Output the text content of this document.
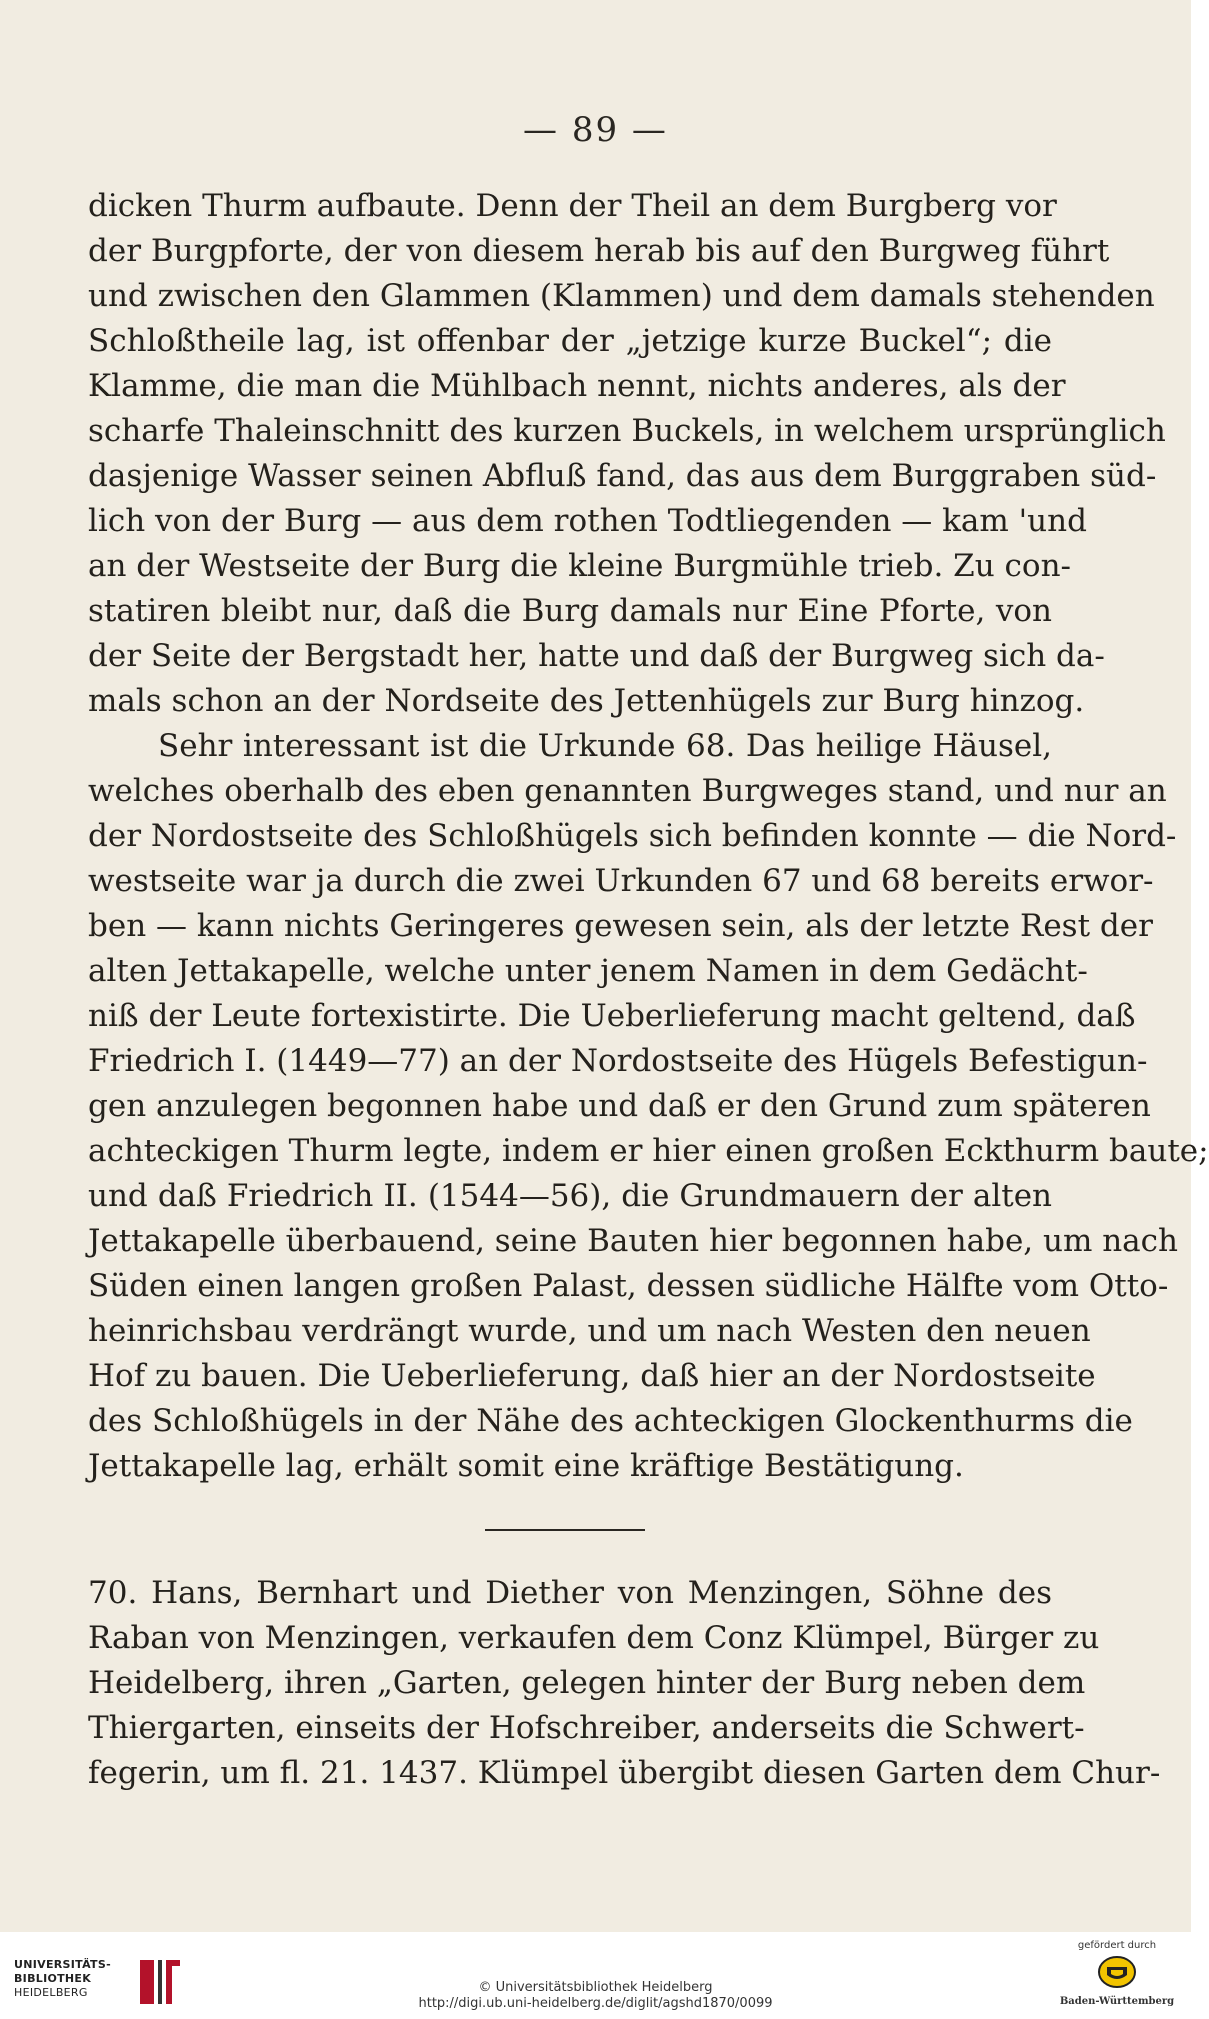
— 89 —
dicken Thurm aufbaute. Denn der Theil an dem Burgberg vor
der Burgpforte, der von diesem herab bis auf den Burgweg führt
und zwischen den Glammen (Klammen) und dem damals stehenden
Schloßtheile lag, ist offenbar der „jetzige kurze Buckel“; die
Klamme, die man die Mühlbach nennt, nichts anderes, als der
scharfe Thaleinschnitt des kurzen Buckels, in welchem ursprünglich
dasjenige Wasser seinen Abfluß fand, das aus dem Burggraben süd-
lich von der Burg — aus dem rothen Todtliegenden — kam 'und
an der Westseite der Burg die kleine Burgmühle trieb. Zu con-
statiren bleibt nur, daß die Burg damals nur Eine Pforte, von
der Seite der Bergstadt her, hatte und daß der Burgweg sich da-
mals schon an der Nordseite des Jettenhügels zur Burg hinzog.
Sehr interessant ist die Urkunde 68. Das heilige Häusel,
welches oberhalb des eben genannten Burgweges stand, und nur an
der Nordostseite des Schloßhügels sich befinden konnte — die Nord-
westseite war ja durch die zwei Urkunden 67 und 68 bereits erwor-
ben — kann nichts Geringeres gewesen sein, als der letzte Rest der
alten Jettakapelle, welche unter jenem Namen in dem Gedächt-
niß der Leute fortexistirte. Die Ueberlieferung macht geltend, daß
Friedrich I. (1449—77) an der Nordostseite des Hügels Befestigun-
gen anzulegen begonnen habe und daß er den Grund zum späteren
achteckigen Thurm legte, indem er hier einen großen Eckthurm baute;
und daß Friedrich II. (1544—56), die Grundmauern der alten
Jettakapelle überbauend, seine Bauten hier begonnen habe, um nach
Süden einen langen großen Palast, dessen südliche Hälfte vom Otto-
heinrichsbau verdrängt wurde, und um nach Westen den neuen
Hof zu bauen. Die Ueberlieferung, daß hier an der Nordostseite
des Schloßhügels in der Nähe des achteckigen Glockenthurms die
Jettakapelle lag, erhält somit eine kräftige Bestätigung.
70. Hans, Bernhart und Diether von Menzingen, Söhne des
Raban von Menzingen, verkaufen dem Conz Klümpel, Bürger zu
Heidelberg, ihren „Garten, gelegen hinter der Burg neben dem
Thiergarten, einseits der Hofschreiber, anderseits die Schwert-
fegerin, um fl. 21. 1437. Klümpel übergibt diesen Garten dem Chur-
UNIVERSITÄTS-
BIBLIOTHEK
HEIDELBERG	© Universitätsbibliothek Heidelberg
http://digi.ub.uni-heidelberg.de/diglit/agshd1870/0099
gefördert durch
Baden-Württemberg
